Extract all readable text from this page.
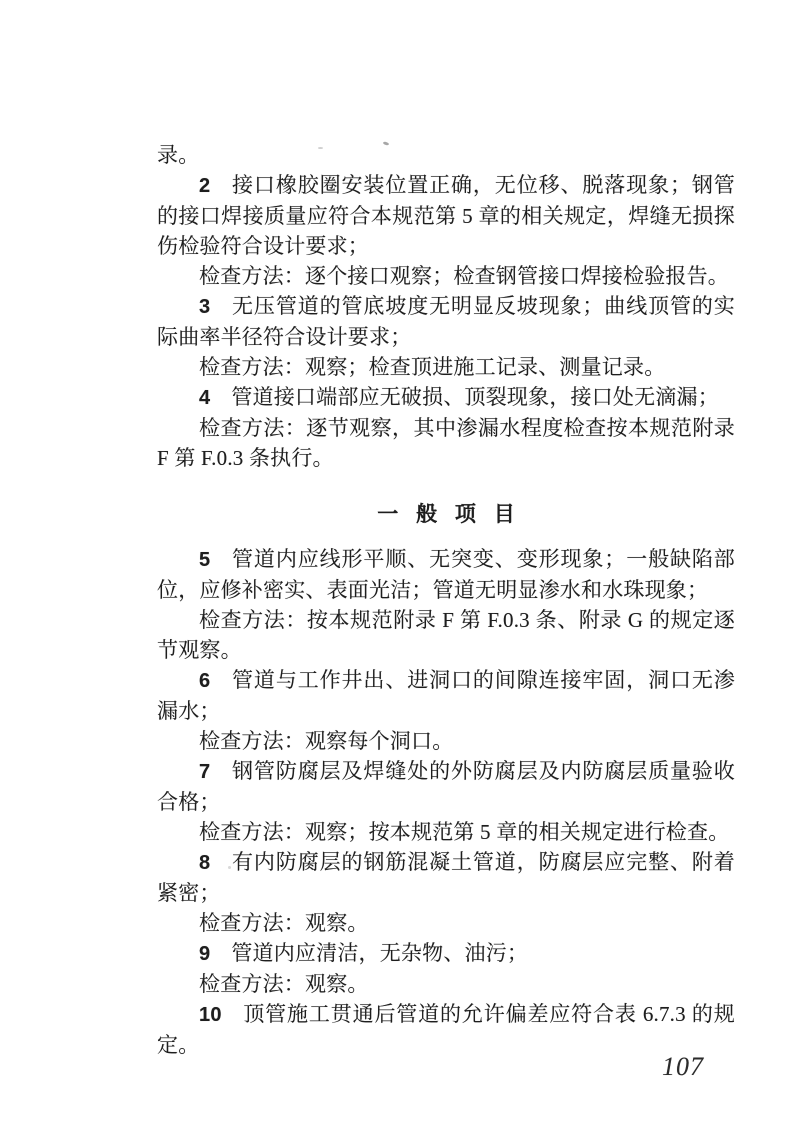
录。

2 接口橡胶圈安装位置正确，无位移、脱落现象；钢管的接口焊接质量应符合本规范第 5 章的相关规定，焊缝无损探伤检验符合设计要求；

检查方法：逐个接口观察；检查钢管接口焊接检验报告。

3 无压管道的管底坡度无明显反坡现象；曲线顶管的实际曲率半径符合设计要求；

检查方法：观察；检查顶进施工记录、测量记录。

4 管道接口端部应无破损、顶裂现象，接口处无滴漏；

检查方法：逐节观察，其中渗漏水程度检查按本规范附录 F 第 F.0.3 条执行。

一般项目

5 管道内应线形平顺、无突变、变形现象；一般缺陷部位，应修补密实、表面光洁；管道无明显渗水和水珠现象；

检查方法：按本规范附录 F 第 F.0.3 条、附录 G 的规定逐节观察。

6 管道与工作井出、进洞口的间隙连接牢固，洞口无渗漏水；

检查方法：观察每个洞口。

7 钢管防腐层及焊缝处的外防腐层及内防腐层质量验收合格；

检查方法：观察；按本规范第 5 章的相关规定进行检查。

8 有内防腐层的钢筋混凝土管道，防腐层应完整、附着紧密；

检查方法：观察。

9 管道内应清洁，无杂物、油污；

检查方法：观察。

10 顶管施工贯通后管道的允许偏差应符合表 6.7.3 的规定。

107
